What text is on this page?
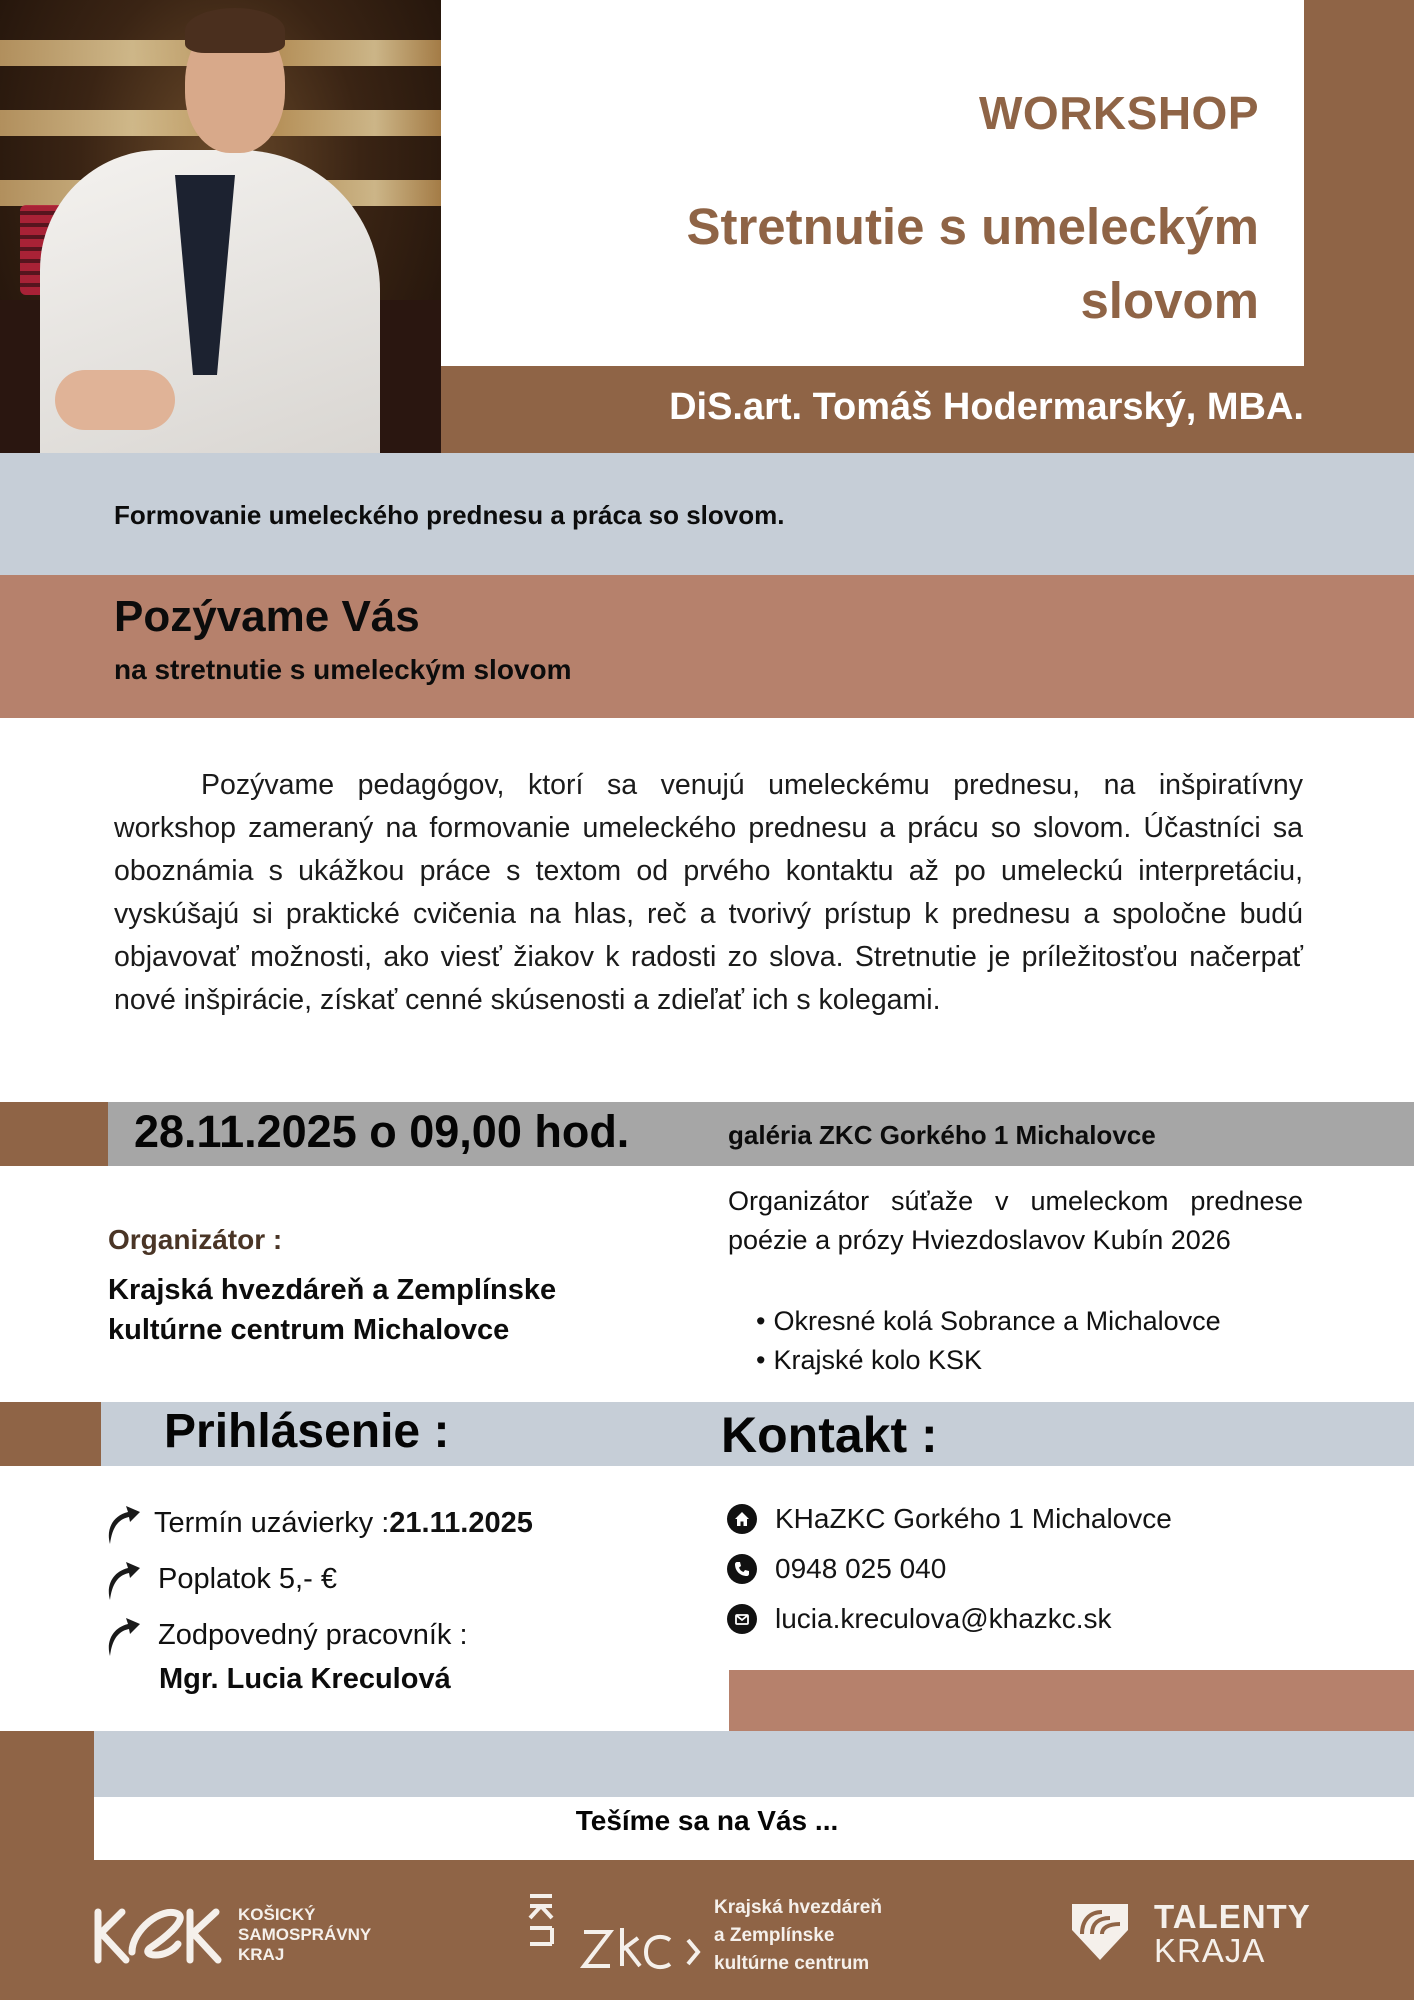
WORKSHOP
Stretnutie s umeleckým slovom
DiS.art. Tomáš Hodermarský, MBA.
Formovanie umeleckého prednesu a práca so slovom.
Pozývame Vás
na stretnutie s umeleckým slovom

Pozývame pedagógov, ktorí sa venujú umeleckému prednesu, na inšpiratívny workshop zameraný na formovanie umeleckého prednesu a prácu so slovom. Účastníci sa oboznámia s ukážkou práce s textom od prvého kontaktu až po umeleckú interpretáciu, vyskúšajú si praktické cvičenia na hlas, reč a tvorivý prístup k prednesu a spoločne budú objavovať možnosti, ako viesť žiakov k radosti zo slova. Stretnutie je príležitosťou načerpať nové inšpirácie, získať cenné skúsenosti a zdieľať ich s kolegami.

28.11.2025 o 09,00 hod.	galéria ZKC Gorkého 1 Michalovce
Organizátor :
Krajská hvezdáreň a Zemplínske kultúrne centrum Michalovce
Organizátor súťaže v umeleckom prednese poézie a prózy Hviezdoslavov Kubín 2026
• Okresné kolá Sobrance a Michalovce
• Krajské kolo KSK
Prihlásenie :	Kontakt :
Termín uzávierky : 21.11.2025
Poplatok 5,- €
Zodpovedný pracovník :
Mgr. Lucia Kreculová
KHaZKC Gorkého 1 Michalovce
0948 025 040
lucia.kreculova@khazkc.sk
Tešíme sa na Vás ...
KOŠICKÝ
SAMOSPRÁVNY
KRAJ
Krajská hvezdáreň
a Zemplínske
kultúrne centrum
TALENTY
KRAJA
